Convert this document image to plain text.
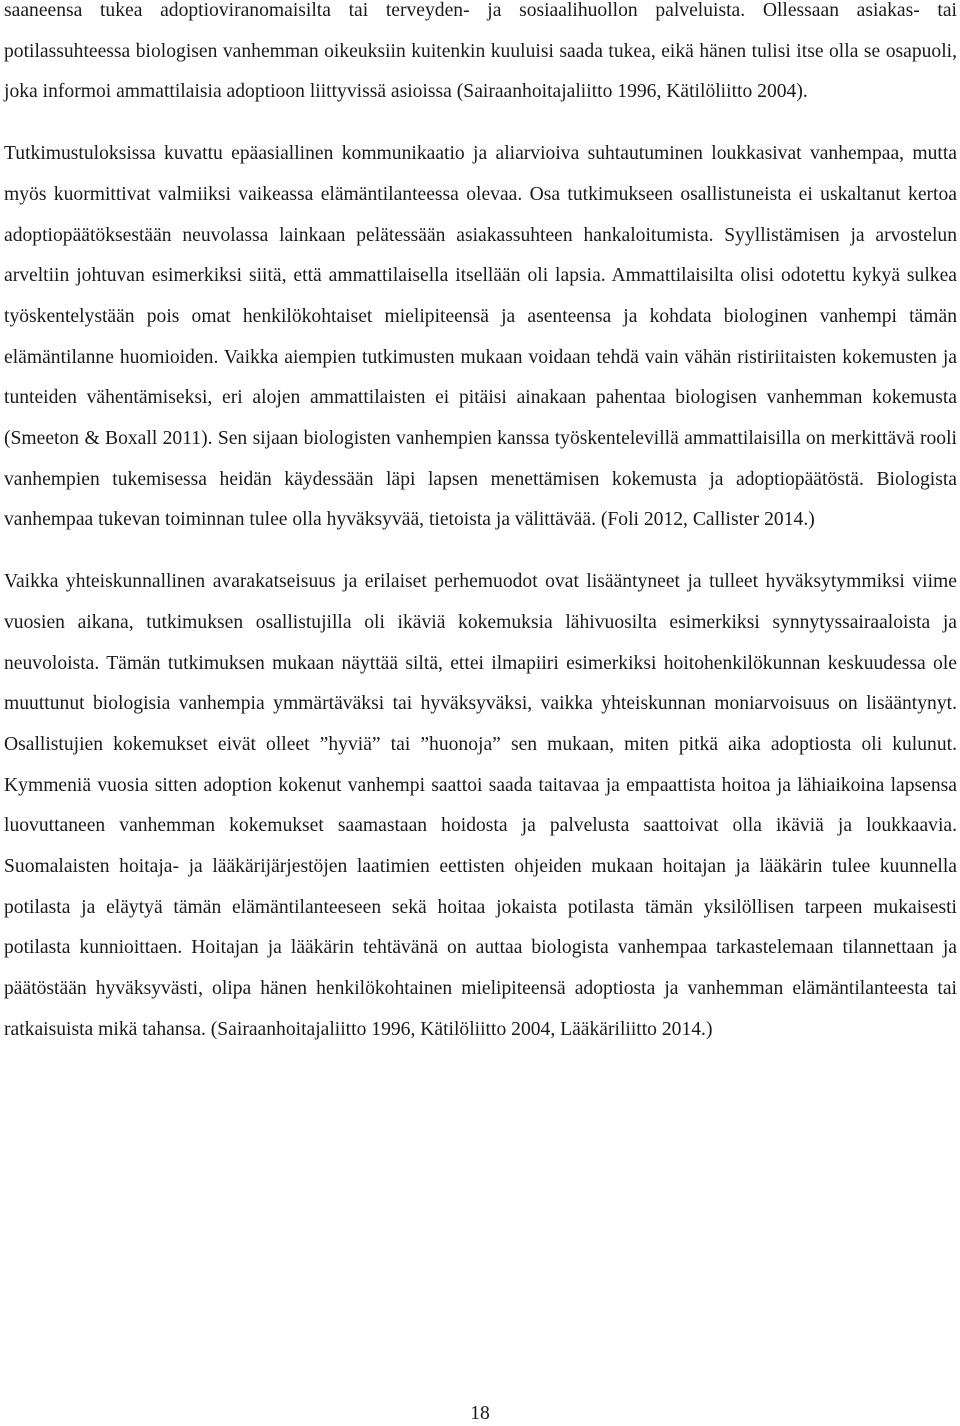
saaneensa tukea adoptioviranomaisilta tai terveyden- ja sosiaalihuollon palveluista. Ollessaan asiakas- tai potilassuhteessa biologisen vanhemman oikeuksiin kuitenkin kuuluisi saada tukea, eikä hänen tulisi itse olla se osapuoli, joka informoi ammattilaisia adoptioon liittyvissä asioissa (Sairaanhoitajaliitto 1996, Kätilöliitto 2004).

Tutkimustuloksissa kuvattu epäasiallinen kommunikaatio ja aliarvioiva suhtautuminen loukkasivat vanhempaa, mutta myös kuormittivat valmiiksi vaikeassa elämäntilanteessa olevaa. Osa tutkimukseen osallistuneista ei uskaltanut kertoa adoptiopäätöksestään neuvolassa lainkaan pelätessään asiakassuhteen hankaloitumista. Syyllistämisen ja arvostelun arveltiin johtuvan esimerkiksi siitä, että ammattilaisella itsellään oli lapsia. Ammattilaisilta olisi odotettu kykyä sulkea työskentelystään pois omat henkilökohtaiset mielipiteensä ja asenteensa ja kohdata biologinen vanhempi tämän elämäntilanne huomioiden. Vaikka aiempien tutkimusten mukaan voidaan tehdä vain vähän ristiriitaisten kokemusten ja tunteiden vähentämiseksi, eri alojen ammattilaisten ei pitäisi ainakaan pahentaa biologisen vanhemman kokemusta (Smeeton & Boxall 2011). Sen sijaan biologisten vanhempien kanssa työskentelevillä ammattilaisilla on merkittävä rooli vanhempien tukemisessa heidän käydessään läpi lapsen menettämisen kokemusta ja adoptiopäätöstä. Biologista vanhempaa tukevan toiminnan tulee olla hyväksyvää, tietoista ja välittävää. (Foli 2012, Callister 2014.)

Vaikka yhteiskunnallinen avarakatseisuus ja erilaiset perhemuodot ovat lisääntyneet ja tulleet hyväksytymmiksi viime vuosien aikana, tutkimuksen osallistujilla oli ikäviä kokemuksia lähivuosilta esimerkiksi synnytyssairaaloista ja neuvoloista. Tämän tutkimuksen mukaan näyttää siltä, ettei ilmapiiri esimerkiksi hoitohenkilökunnan keskuudessa ole muuttunut biologisia vanhempia ymmärtäväksi tai hyväksyväksi, vaikka yhteiskunnan moniarvoisuus on lisääntynyt. Osallistujien kokemukset eivät olleet ”hyviä” tai ”huonoja” sen mukaan, miten pitkä aika adoptiosta oli kulunut. Kymmeniä vuosia sitten adoption kokenut vanhempi saattoi saada taitavaa ja empaattista hoitoa ja lähiaikoina lapsensa luovuttaneen vanhemman kokemukset saamastaan hoidosta ja palvelusta saattoivat olla ikäviä ja loukkaavia. Suomalaisten hoitaja- ja lääkärijärjestöjen laatimien eettisten ohjeiden mukaan hoitajan ja lääkärin tulee kuunnella potilasta ja eläytyä tämän elämäntilanteeseen sekä hoitaa jokaista potilasta tämän yksilöllisen tarpeen mukaisesti potilasta kunnioittaen. Hoitajan ja lääkärin tehtävänä on auttaa biologista vanhempaa tarkastelemaan tilannettaan ja päätöstään hyväksyvästi, olipa hänen henkilökohtainen mielipiteensä adoptiosta ja vanhemman elämäntilanteesta tai ratkaisuista mikä tahansa. (Sairaanhoitajaliitto 1996, Kätilöliitto 2004, Lääkäriliitto 2014.)

18
